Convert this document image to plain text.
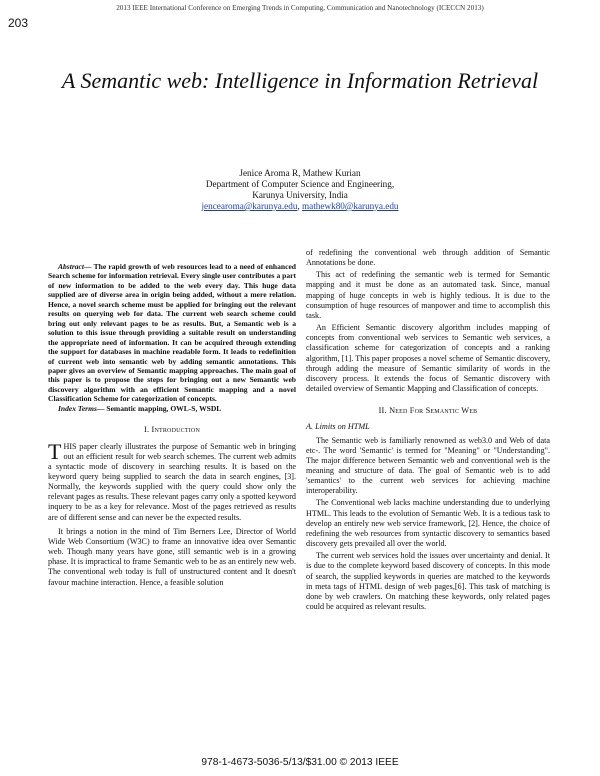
2013 IEEE International Conference on Emerging Trends in Computing, Communication and Nanotechnology (ICECCN 2013)
203
A Semantic web: Intelligence in Information Retrieval
Jenice Aroma R, Mathew Kurian
Department of Computer Science and Engineering,
Karunya University, India
jencearoma@karunya.edu, mathewk80@karunya.edu

Abstract— The rapid growth of web resources lead to a need of enhanced Search scheme for information retrieval. Every single user contributes a part of new information to be added to the web every day. This huge data supplied are of diverse area in origin being added, without a mere relation. Hence, a novel search scheme must be applied for bringing out the relevant results on querying web for data. The current web search scheme could bring out only relevant pages to be as results. But, a Semantic web is a solution to this issue through providing a suitable result on understanding the appropriate need of information. It can be acquired through extending the support for databases in machine readable form. It leads to redefinition of current web into semantic web by adding semantic annotations. This paper gives an overview of Semantic mapping approaches. The main goal of this paper is to propose the steps for bringing out a new Semantic web discovery algorithm with an efficient Semantic mapping and a novel Classification Scheme for categorization of concepts.

Index Terms— Semantic mapping, OWL-S, WSDL

I. Introduction

THIS paper clearly illustrates the purpose of Semantic web in bringing out an efficient result for web search schemes. The current web admits a syntactic mode of discovery in searching results. It is based on the keyword query being supplied to search the data in search engines, [3]. Normally, the keywords supplied with the query could show only the relevant pages as results. These relevant pages carry only a spotted keyword inquery to be as a key for relevance. Most of the pages retrieved as results are of different sense and can never be the expected results.

It brings a notion in the mind of Tim Berners Lee, Director of World Wide Web Consortium (W3C) to frame an innovative idea over Semantic web. Though many years have gone, still semantic web is in a growing phase. It is impractical to frame Semantic web to be as an entirely new web. The conventional web today is full of unstructured content and It doesn't favour machine interaction. Hence, a feasible solution

of redefining the conventional web through addition of Semantic Annotations be done.

This act of redefining the semantic web is termed for Semantic mapping and it must be done as an automated task. Since, manual mapping of huge concepts in web is highly tedious. It is due to the consumption of huge resources of manpower and time to accomplish this task.

An Efficient Semantic discovery algorithm includes mapping of concepts from conventional web services to Semantic web services, a classification scheme for categorization of concepts and a ranking algorithm, [1]. This paper proposes a novel scheme of Semantic discovery, through adding the measure of Semantic similarity of words in the discovery process. It extends the focus of Semantic discovery with detailed overview of Semantic Mapping and Classification of concepts.

II. Need For Semantic Web
A. Limits on HTML

The Semantic web is familiarly renowned as web3.0 and Web of data etc-. The word 'Semantic' is termed for "Meaning" or "Understanding". The major difference between Semantic web and conventional web is the meaning and structure of data. The goal of Semantic web is to add 'semantics' to the current web services for achieving machine interoperability.

The Conventional web lacks machine understanding due to underlying HTML. This leads to the evolution of Semantic Web. It is a tedious task to develop an entirely new web service framework, [2]. Hence, the choice of redefining the web resources from syntactic discovery to semantics based discovery gets prevailed all over the world.

The current web services hold the issues over uncertainty and denial. It is due to the complete keyword based discovery of concepts. In this mode of search, the supplied keywords in queries are matched to the keywords in meta tags of HTML design of web pages,[6]. This task of matching is done by web crawlers. On matching these keywords, only related pages could be acquired as relevant results.

978-1-4673-5036-5/13/$31.00 © 2013 IEEE
